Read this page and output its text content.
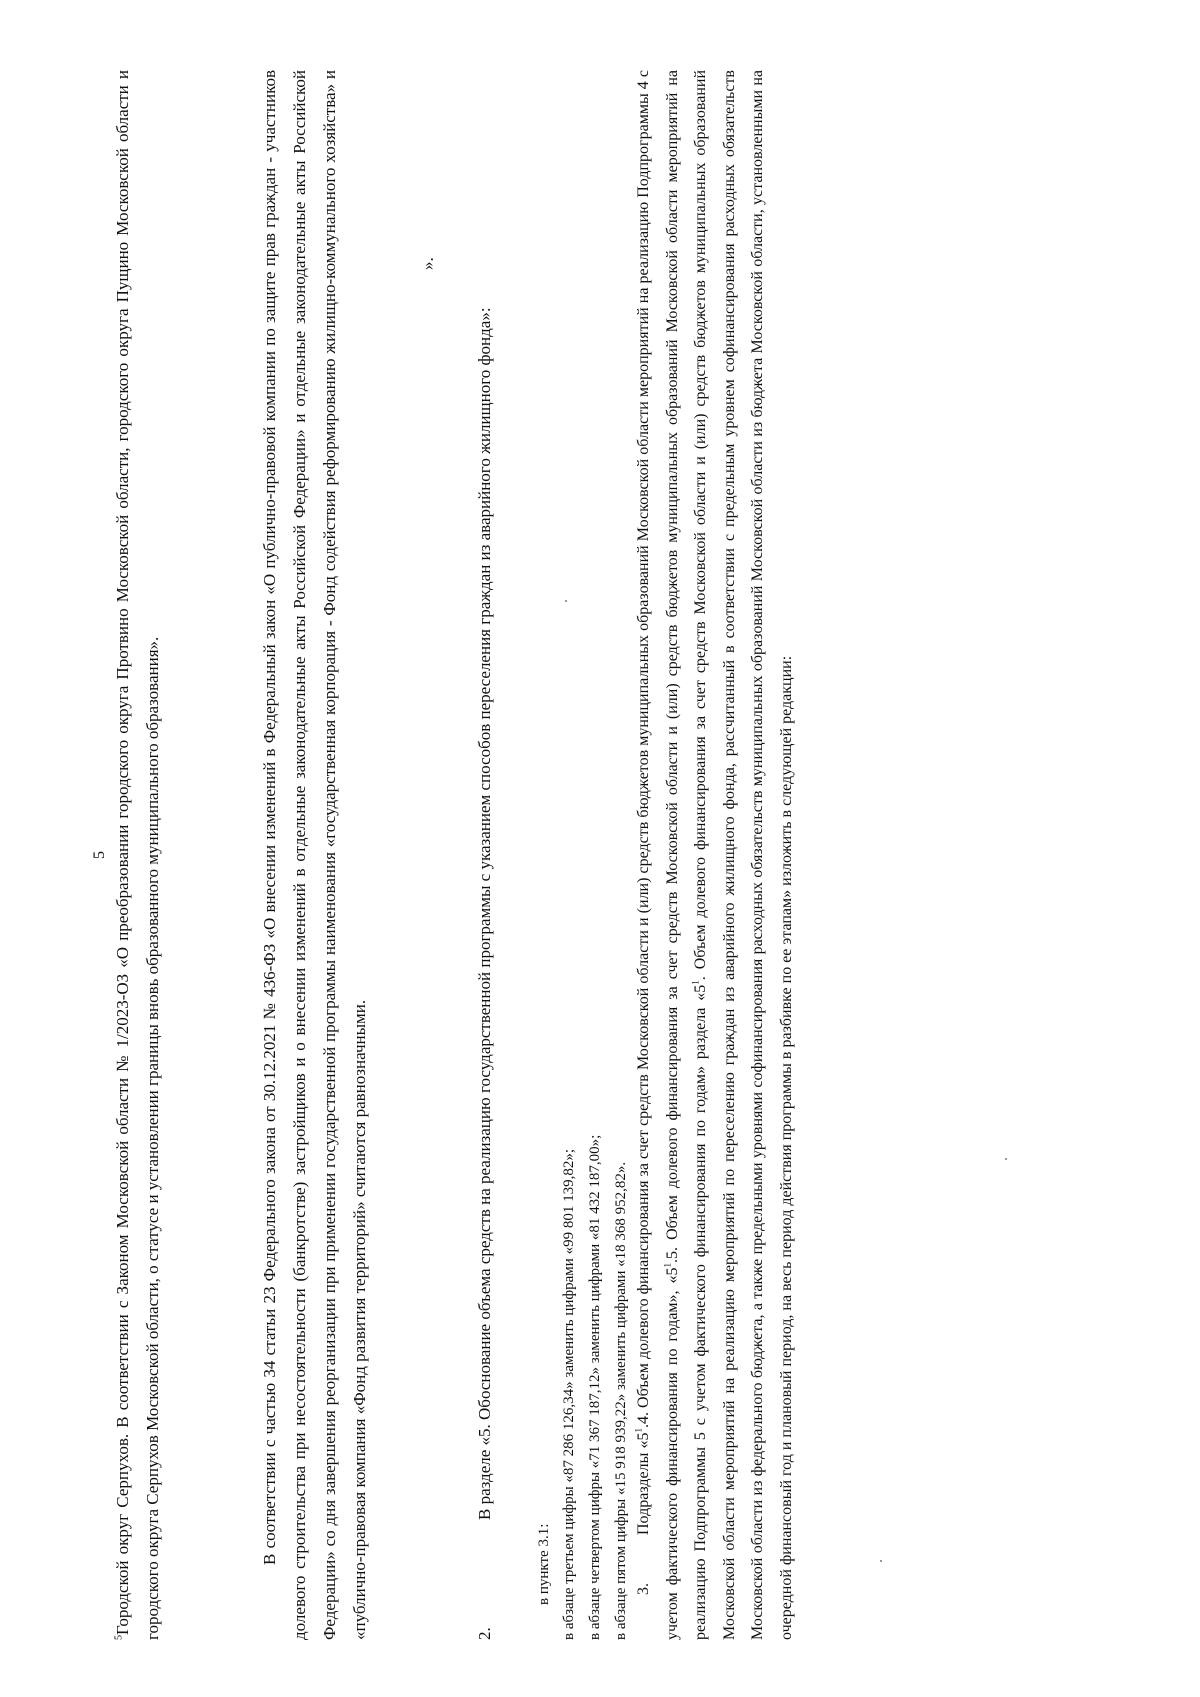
5

$^5$Городской округ Серпухов. В соответствии с Законом Московской области № 1/2023-ОЗ «О преобразовании городского округа Протвино Московской области, городского округа Пущино Московской области и городского округа Серпухов Московской области, о статусе и установлении границы вновь образованного муниципального образования».	В соответствии с частью 34 статьи 23 Федерального закона от 30.12.2021 № 436-ФЗ «О внесении изменений в Федеральный закон «О публично-правовой компании по защите прав граждан - участников долевого строительства при несостоятельности (банкротстве) застройщиков и о внесении изменений в отдельные законодательные акты Российской Федерации» и отдельные законодательные акты Российской Федерации» со дня завершения реорганизации при применении государственной программы наименования «государственная корпорация - Фонд содействия реформированию жилищно-коммунального хозяйства» и «публично-правовая компания «Фонд развития территорий» считаются равнозначными.

».

2.В разделе «5. Обоснование объема средств на реализацию государственной программы с указанием способов переселения граждан из аварийного жилищного фонда»:

в пункте 3.1: в абзаце третьем цифры «87 286 126,34» заменить цифрами «99 801 139,82»; в абзаце четвертом цифры «71 367 187,12» заменить цифрами «81 432 187,00»; в абзаце пятом цифры «15 918 939,22» заменить цифрами «18 368 952,82». 3.Подразделы «$5^1.4$. Объем долевого финансирования за счет средств Московской области и (или) средств бюджетов муниципальных образований Московской области мероприятий на реализацию Подпрограммы 4 с учетом фактического финансирования по годам», «$5^1.5$. Объем долевого финансирования за счет средств Московской области и (или) средств бюджетов муниципальных образований Московской области мероприятий на реализацию Подпрограммы 5 с учетом фактического финансирования по годам» раздела «$5^1$. Объем долевого финансирования за счет средств Московской области и (или) средств бюджетов муниципальных образований Московской области мероприятий на реализацию мероприятий по переселению граждан из аварийного жилищного фонда, рассчитанный в соответствии с предельным уровнем софинансирования расходных обязательств Московской области из федерального бюджета, а также предельными уровнями софинансирования расходных обязательств муниципальных образований Московской области из бюджета Московской области, установленными на очередной финансовый год и плановый период, на весь период действия программы в разбивке по ее этапам» изложить в следующей редакции:
